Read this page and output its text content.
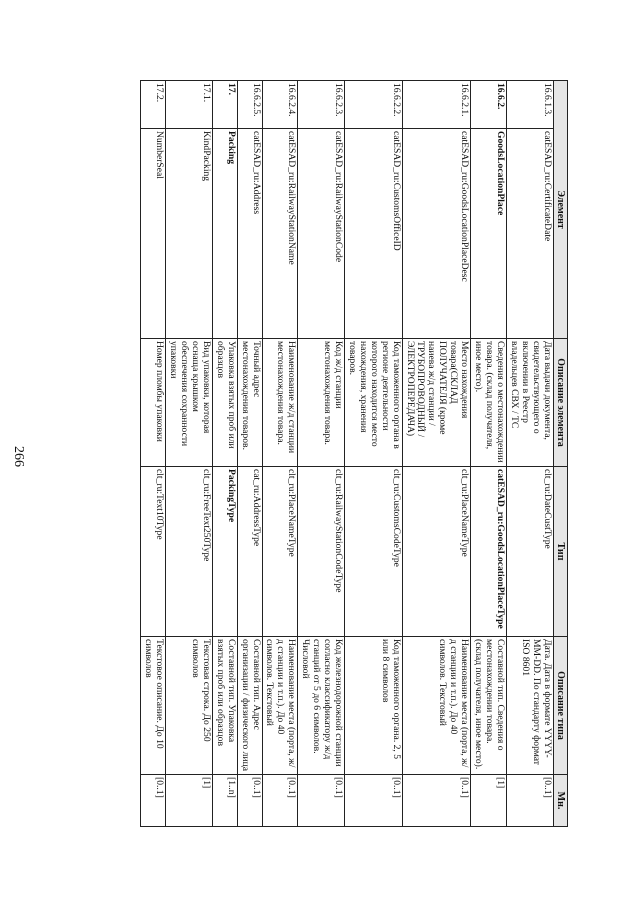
266
Элемент		Описание элемента	Тип	Описание типа	Мн.
16.6.1.3.	catESAD_ru:CertificateDate	Дата выдачи документа, свидетельствующего о включении в Реестр владельцев СВХ / ТС	clt_ru:DateCustType	Дата. Дата в формате YYYY-MM-DD. По стандарту формат ISO 8601	[0..1]
16.6.2.	GoodsLocationPlace	Сведения о местонахождении товара. (склад получателя, иное место).	catESAD_ru:GoodsLocationPlaceType	Составной тип. Сведения о местонахождении товара. (склад получателя, иное место).	[1]
16.6.2.1.	catESAD_ru:GoodsLocationPlaceDesc	Место нахождения товара(СКЛАД ПОЛУЧАТЕЛЯ (кроме наиева ж/д станции / ТРУБОПРОВОДНЫЙ / ЭЛЕКТРОПЕРЕДАЧА)	clt_ru:PlaceNameType	Наименование места (порта, ж/д станции и т.п.). До 40 символов. Текстовый	[0..1]
16.6.2.2.	catESAD_ru:CustomsOfficeID	Код таможенного органа в регионе деятельности которого находится место нахождения, хранения товаров.	clt_ru:CustomsCodeType	Код таможенного органа. 2, 5 или 8 символов	[0..1]
16.6.2.3.	catESAD_ru:RailwayStationCode	Код ж/д станции местонахождения товара.	clt_ru:RailwayStationCodeType	Код железнодорожной станции согласно классификатору ж/д станций от 5 до 6 символов. Числовой	[0..1]
16.6.2.4.	catESAD_ru:RailwayStationName	Наименование ж/д станции местонахождения товара.	clt_ru:PlaceNameType	Наименование места (порта, ж/д станции и т.п.). До 40 символов. Текстовый	[0..1]
16.6.2.5.	catESAD_ru:Address	Точный адрес местонахождения товаров.	cat_ru:AddressType	Составной тип. Адрес организации / физического лица	[0..1]
17.	Packing	Упаковка взятых проб или образцов	PackingType	Составной тип. Упаковка взятых проб или образцов	[1..n]
17.1.	KindPacking	Вид упаковки, которая оснаща крышком обеспечения сохранности упаковки	clt_ru:FreeText250Type	Текстовая строка. До 250 символов	[1]
17.2.	NumberSeal	Номер пломбы упаковки	clt_ru:Text10Type	Текстовое описание. До 10 символов	[0..1]
